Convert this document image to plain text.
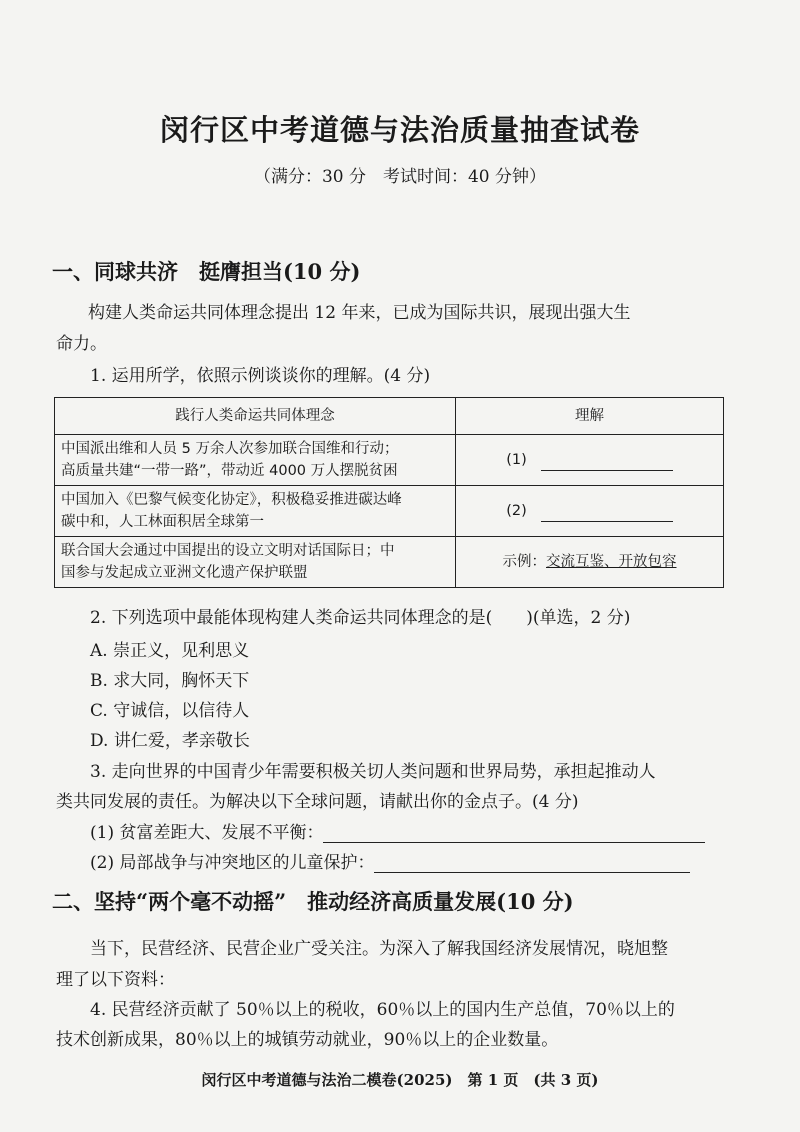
闵行区中考道德与法治质量抽查试卷
（满分：30 分　考试时间：40 分钟）
一、同球共济　挺膺担当(10 分)
构建人类命运共同体理念提出 12 年来，已成为国际共识，展现出强大生
命力。
1. 运用所学，依照示例谈谈你的理解。(4 分)
践行人类命运共同体理念	理解

中国派出维和人员 5 万余人次参加联合国维和行动；
高质量共建“一带一路”，带动近 4000 万人摆脱贫困	(1)

中国加入《巴黎气候变化协定》，积极稳妥推进碳达峰
碳中和，人工林面积居全球第一	(2)

联合国大会通过中国提出的设立文明对话国际日；中
国参与发起成立亚洲文化遗产保护联盟	示例：交流互鉴、开放包容
2. 下列选项中最能体现构建人类命运共同体理念的是(　　)(单选，2 分)
A. 崇正义，见利思义
B. 求大同，胸怀天下
C. 守诚信，以信待人
D. 讲仁爱，孝亲敬长
3. 走向世界的中国青少年需要积极关切人类问题和世界局势，承担起推动人
类共同发展的责任。为解决以下全球问题，请献出你的金点子。(4 分)
(1) 贫富差距大、发展不平衡：
(2) 局部战争与冲突地区的儿童保护：
二、坚持“两个毫不动摇”　推动经济高质量发展(10 分)
当下，民营经济、民营企业广受关注。为深入了解我国经济发展情况，晓旭整
理了以下资料：
4. 民营经济贡献了 50％以上的税收，60％以上的国内生产总值，70％以上的
技术创新成果，80％以上的城镇劳动就业，90％以上的企业数量。
闵行区中考道德与法治二模卷(2025)　第 1 页　(共 3 页)
